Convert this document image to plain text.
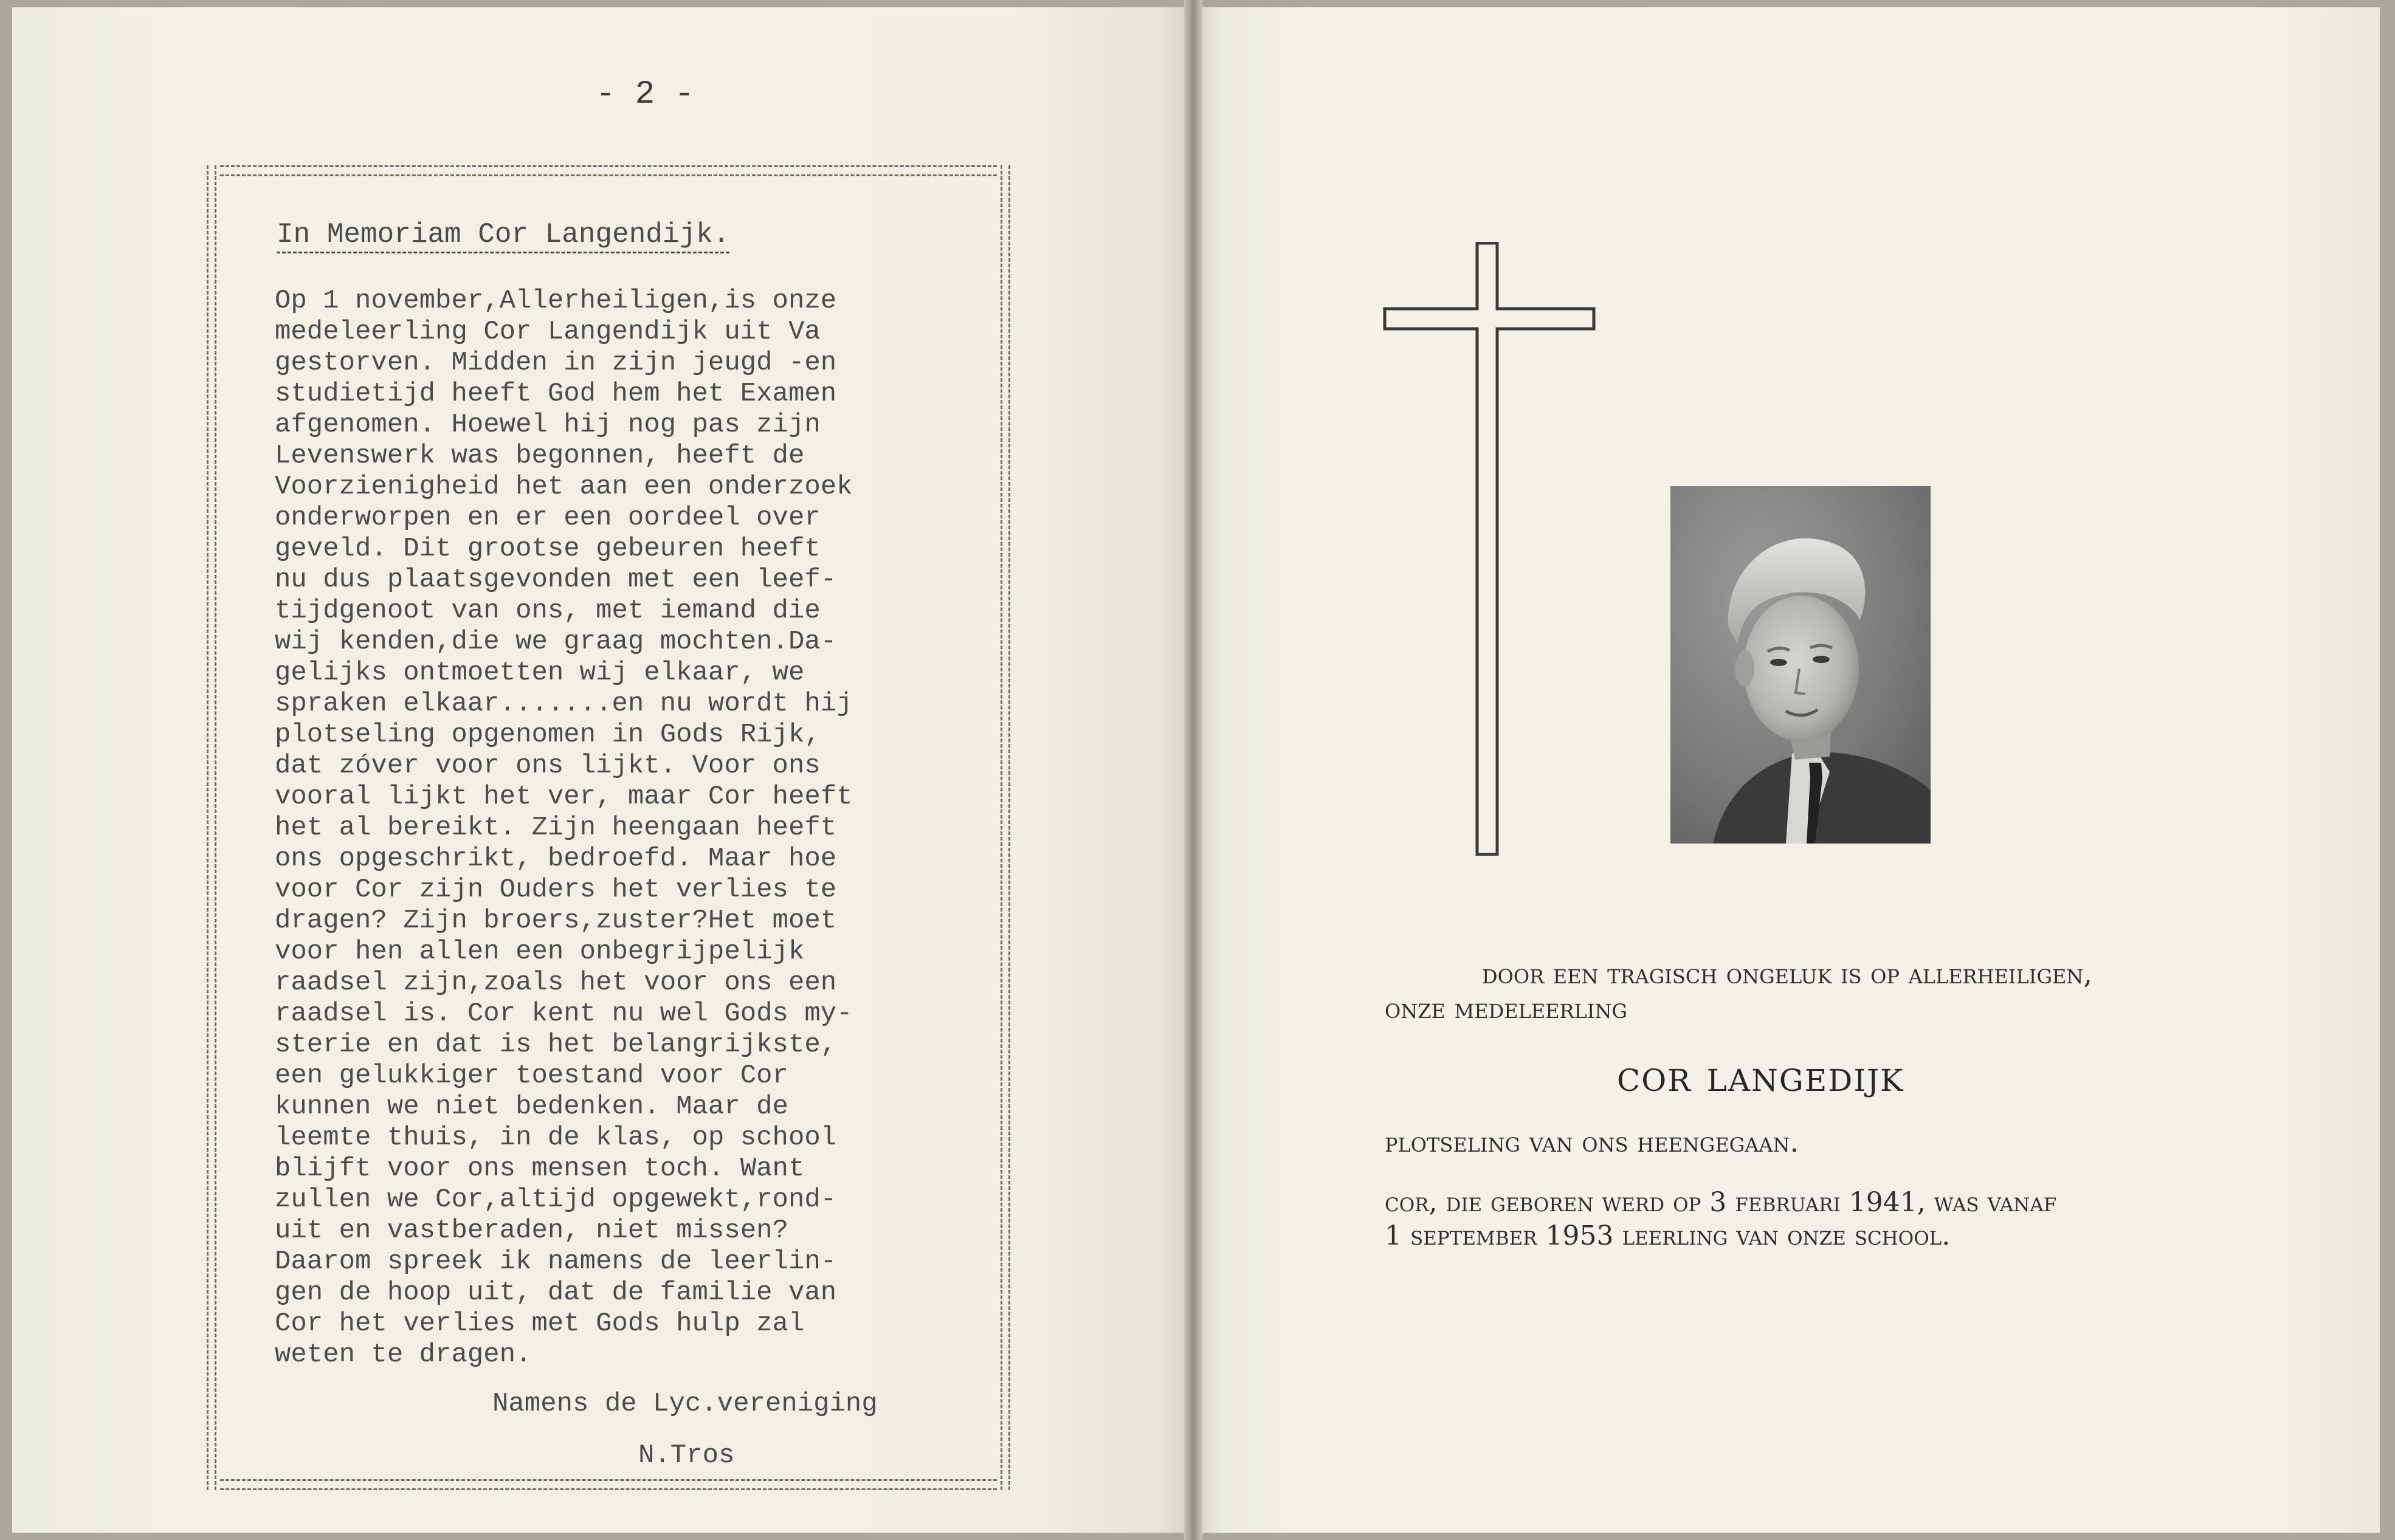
- 2 -
In Memoriam Cor Langendijk.
Op 1 november,Allerheiligen,is onze
medeleerling Cor Langendijk uit Va
gestorven. Midden in zijn jeugd -en
studietijd heeft God hem het Examen
afgenomen. Hoewel hij nog pas zijn
Levenswerk was begonnen, heeft de
Voorzienigheid het aan een onderzoek
onderworpen en er een oordeel over
geveld. Dit grootse gebeuren heeft
nu dus plaatsgevonden met een leef-
tijdgenoot van ons, met iemand die
wij kenden,die we graag mochten.Da-
gelijks ontmoetten wij elkaar, we
spraken elkaar.......en nu wordt hij
plotseling opgenomen in Gods Rijk,
dat zóver voor ons lijkt. Voor ons
vooral lijkt het ver, maar Cor heeft
het al bereikt. Zijn heengaan heeft
ons opgeschrikt, bedroefd. Maar hoe
voor Cor zijn Ouders het verlies te
dragen? Zijn broers,zuster?Het moet
voor hen allen een onbegrijpelijk
raadsel zijn,zoals het voor ons een
raadsel is. Cor kent nu wel Gods my-
sterie en dat is het belangrijkste,
een gelukkiger toestand voor Cor
kunnen we niet bedenken. Maar de
leemte thuis, in de klas, op school
blijft voor ons mensen toch. Want
zullen we Cor,altijd opgewekt,rond-
uit en vastberaden, niet missen?
Daarom spreek ik namens de leerlin-
gen de hoop uit, dat de familie van
Cor het verlies met Gods hulp zal
weten te dragen.
Namens de Lyc.vereniging
N.Tros
door een tragisch ongeluk is op allerheiligen,
onze medeleerling
cor langedijk
plotseling van ons heengegaan.
cor, die geboren werd op 3 februari 1941, was vanaf
1 september 1953 leerling van onze school.
